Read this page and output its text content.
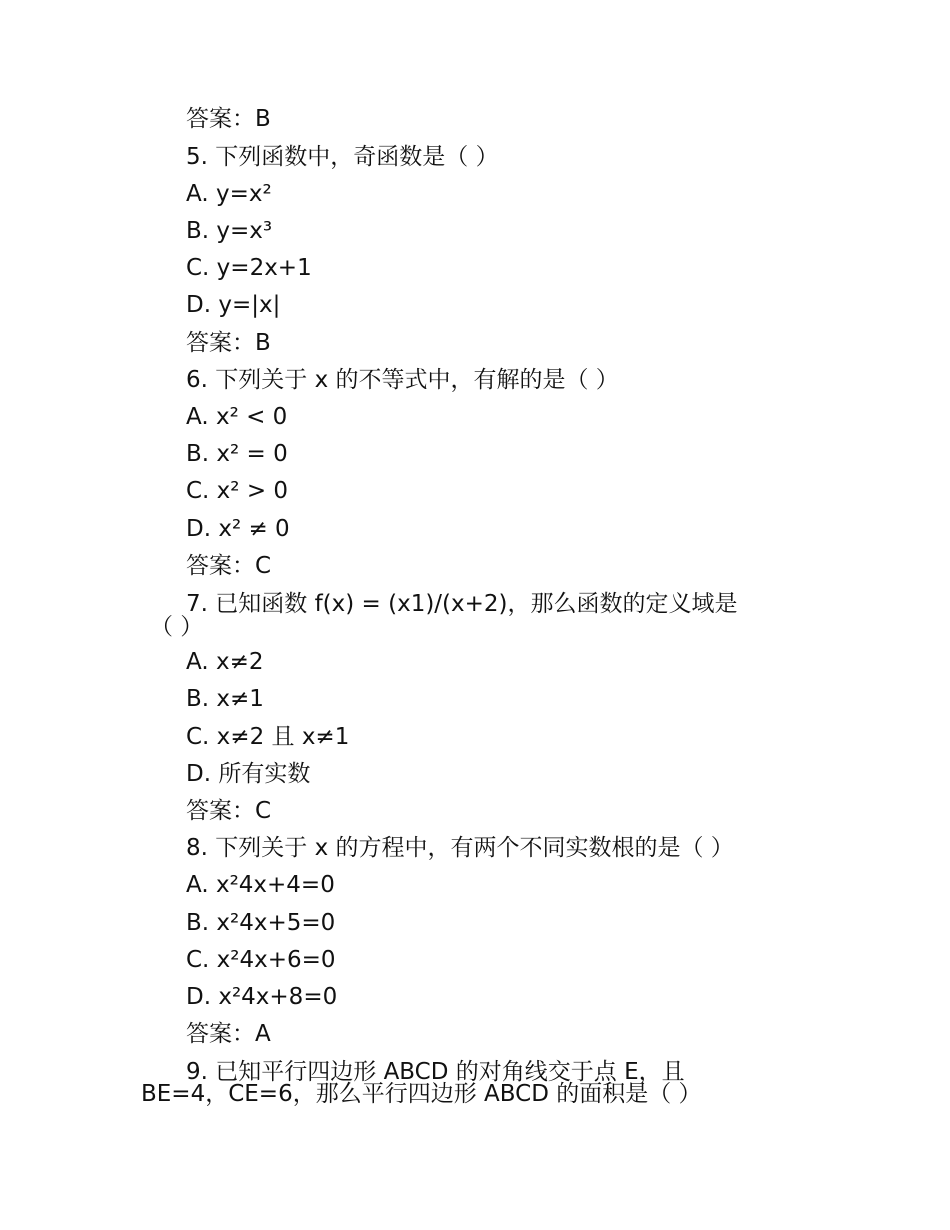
答案：B
5. 下列函数中，奇函数是（ ）
A. y=x²
B. y=x³
C. y=2x+1
D. y=|x|
答案：B
6. 下列关于 x 的不等式中，有解的是（ ）
A. x² < 0
B. x² = 0
C. x² > 0
D. x² ≠ 0
答案：C
7. 已知函数 f(x) = (x1)/(x+2)，那么函数的定义域是
（ ）
A. x≠2
B. x≠1
C. x≠2 且 x≠1
D. 所有实数
答案：C
8. 下列关于 x 的方程中，有两个不同实数根的是（ ）
A. x²4x+4=0
B. x²4x+5=0
C. x²4x+6=0
D. x²4x+8=0
答案：A
9. 已知平行四边形 ABCD 的对角线交于点 E，且
BE=4，CE=6，那么平行四边形 ABCD 的面积是（ ）
